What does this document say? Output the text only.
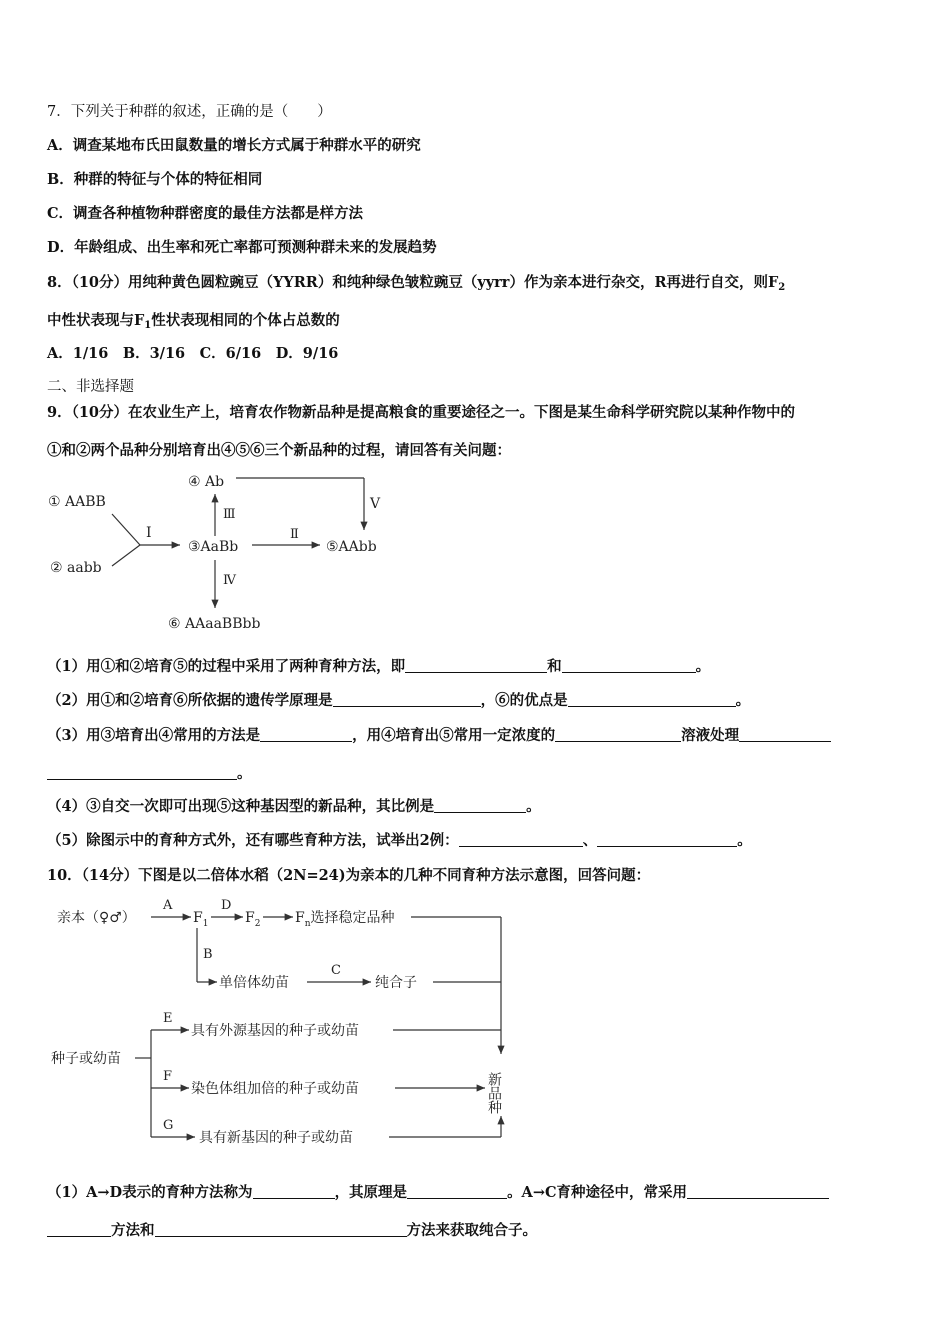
7．下列关于种群的叙述，正确的是（　　）
A．调查某地布氏田鼠数量的增长方式属于种群水平的研究
B．种群的特征与个体的特征相同
C．调查各种植物种群密度的最佳方法都是样方法
D．年龄组成、出生率和死亡率都可预测种群未来的发展趋势
8．（10分）用纯种黄色圆粒豌豆（YYRR）和纯种绿色皱粒豌豆（yyrr）作为亲本进行杂交，R再进行自交，则$F_2$
中性状表现与$F_1$性状表现相同的个体占总数的
A．1/16　B．3/16　C．6/16　D．9/16
二、非选择题
9．（10分）在农业生产上，培育农作物新品种是提高粮食的重要途径之一。下图是某生命科学研究院以某种作物中的
①和②两个品种分别培育出④⑤⑥三个新品种的过程，请回答有关问题：
① AABB
② aabb
Ⅰ
③AaBb
④ Ab
Ⅲ
Ⅴ
Ⅱ
⑤AAbb
Ⅳ
⑥ AAaaBBbb
（1）用①和②培育⑤的过程中采用了两种育种方法，即	和	。
（2）用①和②培育⑥所依据的遗传学原理是	，⑥的优点是	。
（3）用③培育出④常用的方法是	，用④培育出⑤常用一定浓度的	溶液处理
。
（4）③自交一次即可出现⑤这种基因型的新品种，其比例是	。
（5）除图示中的育种方式外，还有哪些育种方法，试举出2例：	、	。
10．（14分）下图是以二倍体水稻（2N=24)为亲本的几种不同育种方法示意图，回答问题：
亲本（♀♂）
A
$F_1$
D
$F_2$ $F_n$选择稳定品种
B
单倍体幼苗
C
纯合子
种子或幼苗
E
具有外源基因的种子或幼苗
F
染色体组加倍的种子或幼苗
G
具有新基因的种子或幼苗
新品种
（1）A→D表示的育种方法称为	，其原理是	。A→C育种途径中，常采用
方法和	方法来获取纯合子。
